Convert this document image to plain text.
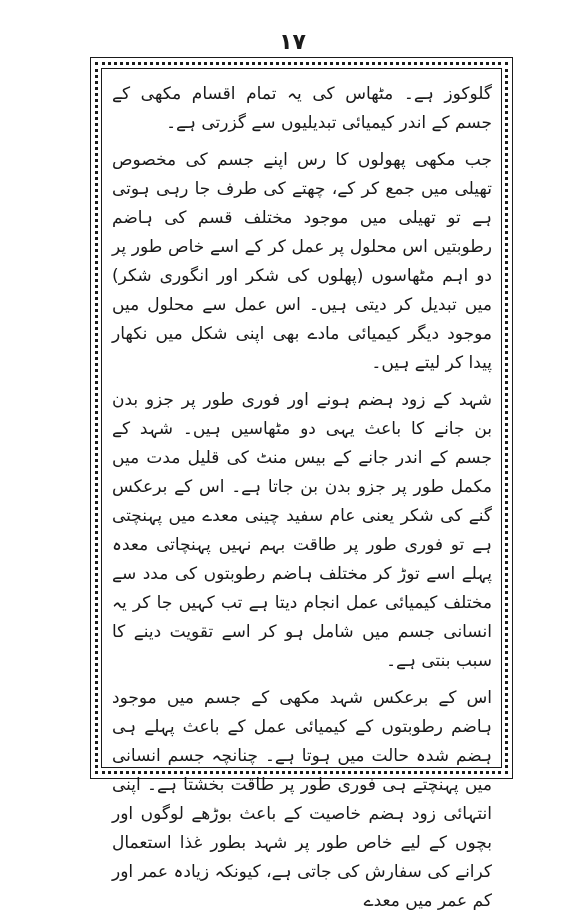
۱۷

گلوکوز ہے۔ مٹھاس کی یہ تمام اقسام مکھی کے جسم کے اندر کیمیائی تبدیلیوں سے گزرتی ہے۔

جب مکھی پھولوں کا رس اپنے جسم کی مخصوص تھیلی میں جمع کر کے، چھتے کی طرف جا رہی ہوتی ہے تو تھیلی میں موجود مختلف قسم کی ہاضم رطوبتیں اس محلول پر عمل کر کے اسے خاص طور پر دو اہم مٹھاسوں (پھلوں کی شکر اور انگوری شکر) میں تبدیل کر دیتی ہیں۔ اس عمل سے محلول میں موجود دیگر کیمیائی مادے بھی اپنی شکل میں نکھار پیدا کر لیتے ہیں۔

شہد کے زود ہضم ہونے اور فوری طور پر جزو بدن بن جانے کا باعث یہی دو مٹھاسیں ہیں۔ شہد کے جسم کے اندر جانے کے بیس منٹ کی قلیل مدت میں مکمل طور پر جزو بدن بن جاتا ہے۔ اس کے برعکس گنے کی شکر یعنی عام سفید چینی معدے میں پہنچتی ہے تو فوری طور پر طاقت بہم نہیں پہنچاتی معدہ پہلے اسے توڑ کر مختلف ہاضم رطوبتوں کی مدد سے مختلف کیمیائی عمل انجام دیتا ہے تب کہیں جا کر یہ انسانی جسم میں شامل ہو کر اسے تقویت دینے کا سبب بنتی ہے۔

اس کے برعکس شہد مکھی کے جسم میں موجود ہاضم رطوبتوں کے کیمیائی عمل کے باعث پہلے ہی ہضم شدہ حالت میں ہوتا ہے۔ چنانچہ جسم انسانی میں پہنچتے ہی فوری طور پر طاقت بخشتا ہے۔ اپنی انتہائی زود ہضم خاصیت کے باعث بوڑھے لوگوں اور بچوں کے لیے خاص طور پر شہد بطور غذا استعمال کرانے کی سفارش کی جاتی ہے، کیونکہ زیادہ عمر اور کم عمر میں معدے
